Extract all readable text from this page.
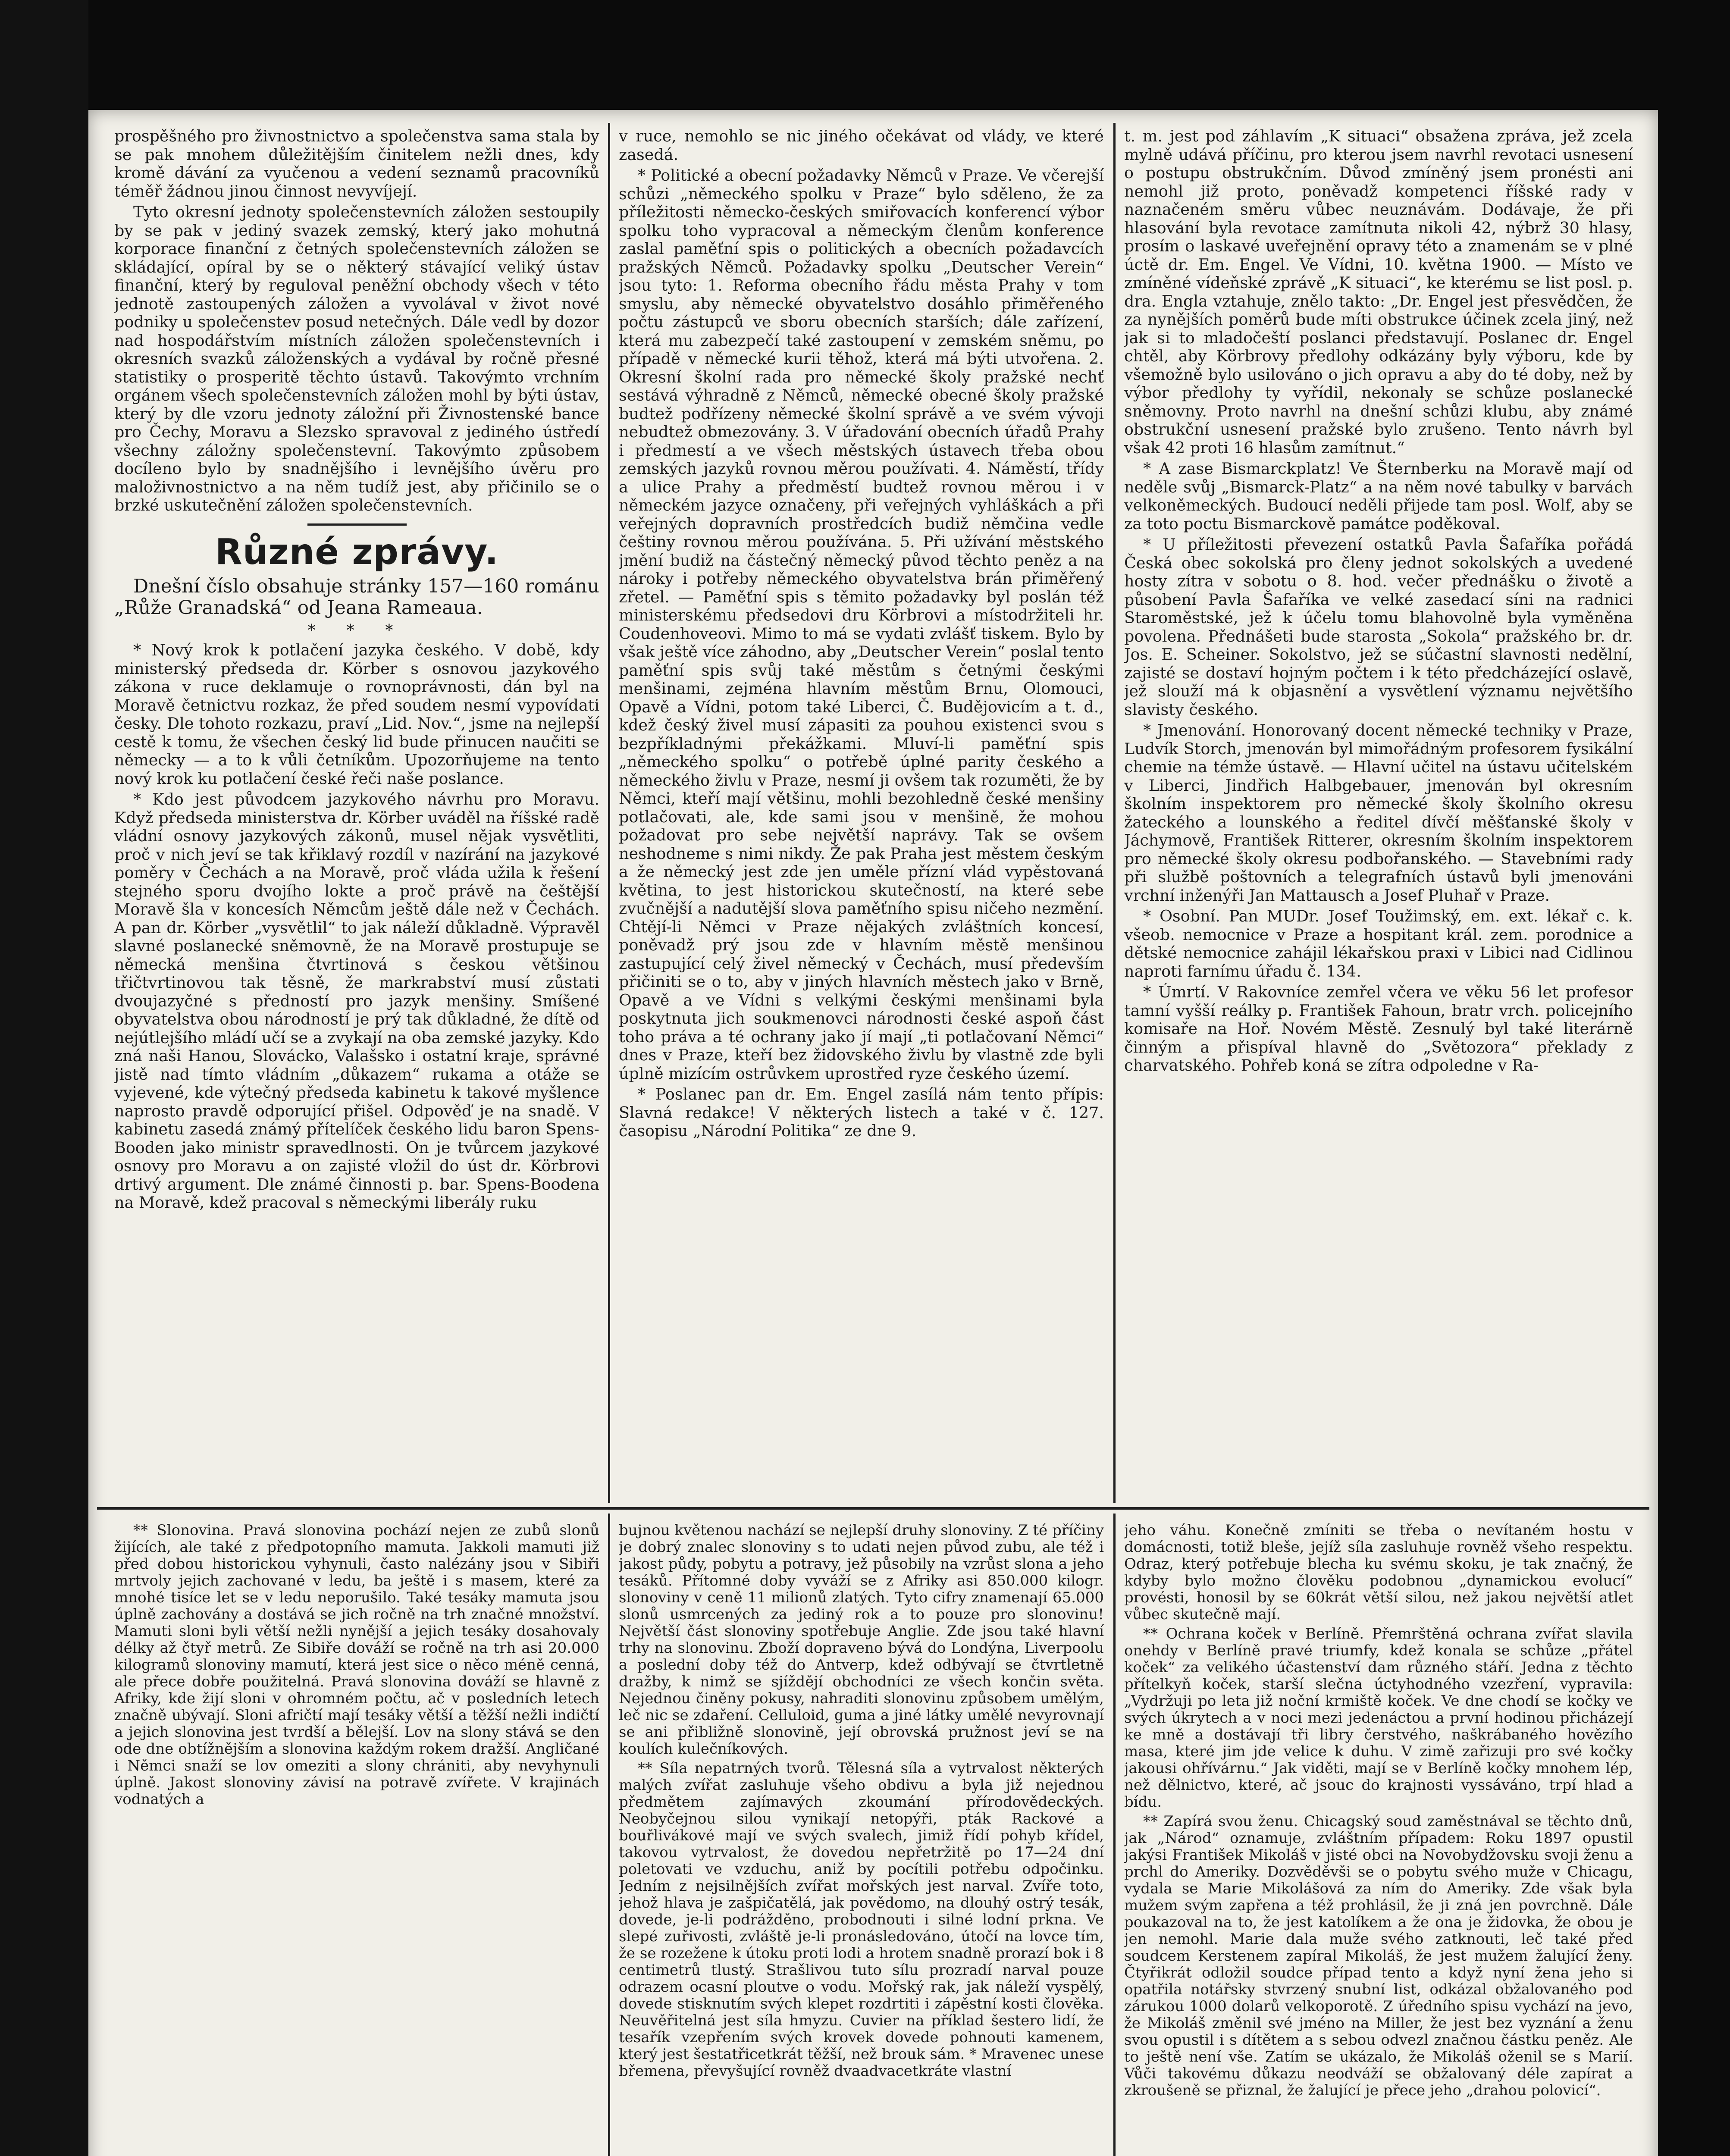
prospěšného pro živnostnictvo a společenstva sama stala by se pak mnohem důležitějším činitelem nežli dnes, kdy kromě dávání za vyučenou a vedení seznamů pracovníků téměř žádnou jinou činnost nevyvíjejí.

Tyto okresní jednoty společenstevních záložen sestoupily by se pak v jediný svazek zemský, který jako mohutná korporace finanční z četných společenstevních záložen se skládající, opíral by se o některý stávající veliký ústav finanční, který by reguloval peněžní obchody všech v této jednotě zastoupených záložen a vyvolával v život nové podniky u společenstev posud netečných. Dále vedl by dozor nad hospodářstvím místních záložen společenstevních i okresních svazků záloženských a vydával by ročně přesné statistiky o prosperitě těchto ústavů. Takovýmto vrchním orgánem všech společenstevních záložen mohl by býti ústav, který by dle vzoru jednoty záložní při Živnostenské bance pro Čechy, Moravu a Slezsko spravoval z jediného ústředí všechny záložny společenstevní. Takovýmto způsobem docíleno bylo by snadnějšího i levnějšího úvěru pro maloživnostnictvo a na něm tudíž jest, aby přičinilo se o brzké uskutečnění záložen společenstevních.

Různé zprávy.

Dnešní číslo obsahuje stránky 157—160 románu „Růže Granadská“ od Jeana Rameaua.

* * *

* Nový krok k potlačení jazyka českého. V době, kdy ministerský předseda dr. Körber s osnovou jazykového zákona v ruce deklamuje o rovnoprávnosti, dán byl na Moravě četnictvu rozkaz, že před soudem nesmí vypovídati česky. Dle tohoto rozkazu, praví „Lid. Nov.“, jsme na nejlepší cestě k tomu, že všechen český lid bude přinucen naučiti se německy — a to k vůli četníkům. Upozorňujeme na tento nový krok ku potlačení české řeči naše poslance.

* Kdo jest původcem jazykového návrhu pro Moravu. Když předseda ministerstva dr. Körber uváděl na říšské radě vládní osnovy jazykových zákonů, musel nějak vysvětliti, proč v nich jeví se tak křiklavý rozdíl v nazírání na jazykové poměry v Čechách a na Moravě, proč vláda užila k řešení stejného sporu dvojího lokte a proč právě na češtější Moravě šla v koncesích Němcům ještě dále než v Čechách. A pan dr. Körber „vysvětlil“ to jak náleží důkladně. Výpravěl slavné poslanecké sněmovně, že na Moravě prostupuje se německá menšina čtvrtinová s českou většinou třičtvrtinovou tak těsně, že markrabství musí zůstati dvoujazyčné s předností pro jazyk menšiny. Smíšené obyvatelstva obou národností je prý tak důkladné, že dítě od nejútlejšího mládí učí se a zvykají na oba zemské jazyky. Kdo zná naši Hanou, Slovácko, Valašsko i ostatní kraje, správné jistě nad tímto vládním „důkazem“ rukama a otáže se vyjevené, kde výtečný předseda kabinetu k takové myšlence naprosto pravdě odporující přišel. Odpověď je na snadě. V kabinetu zasedá známý přítelíček českého lidu baron Spens-Booden jako ministr spravedlnosti. On je tvůrcem jazykové osnovy pro Moravu a on zajisté vložil do úst dr. Körbrovi drtivý argument. Dle známé činnosti p. bar. Spens-Boodena na Moravě, kdež pracoval s německými liberály ruku

v ruce, nemohlo se nic jiného očekávat od vlády, ve které zasedá.

* Politické a obecní požadavky Němců v Praze. Ve včerejší schůzi „německého spolku v Praze“ bylo sděleno, že za příležitosti německo-českých smiřovacích konferencí výbor spolku toho vypracoval a německým členům konference zaslal paměťní spis o politických a obecních požadavcích pražských Němců. Požadavky spolku „Deutscher Verein“ jsou tyto: 1. Reforma obecního řádu města Prahy v tom smyslu, aby německé obyvatelstvo dosáhlo přiměřeného počtu zástupců ve sboru obecních starších; dále zařízení, která mu zabezpečí také zastoupení v zemském sněmu, po případě v německé kurii těhož, která má býti utvořena. 2. Okresní školní rada pro německé školy pražské nechť sestává výhradně z Němců, německé obecné školy pražské budtež podřízeny německé školní správě a ve svém vývoji nebudtež obmezovány. 3. V úřadování obecních úřadů Prahy i předmestí a ve všech městských ústavech třeba obou zemských jazyků rovnou měrou používati. 4. Náměstí, třídy a ulice Prahy a předměstí budtež rovnou měrou i v německém jazyce označeny, při veřejných vyhláškách a při veřejných dopravních prostředcích budiž němčina vedle češtiny rovnou měrou používána. 5. Při užívání městského jmění budiž na částečný německý původ těchto peněz a na nároky i potřeby německého obyvatelstva brán přiměřený zřetel. — Paměťní spis s těmito požadavky byl poslán též ministerskému předsedovi dru Körbrovi a místodržiteli hr. Coudenhoveovi. Mimo to má se vydati zvlášť tiskem. Bylo by však ještě více záhodno, aby „Deutscher Verein“ poslal tento paměťní spis svůj také městům s četnými českými menšinami, zejména hlavním městům Brnu, Olomouci, Opavě a Vídni, potom také Liberci, Č. Budějovicím a t. d., kdež český živel musí zápasiti za pouhou existenci svou s bezpříkladnými překážkami. Mluví-li paměťní spis „německého spolku“ o potřebě úplné parity českého a německého živlu v Praze, nesmí ji ovšem tak rozuměti, že by Němci, kteří mají většinu, mohli bezohledně české menšiny potlačovati, ale, kde sami jsou v menšině, že mohou požadovat pro sebe největší naprávy. Tak se ovšem neshodneme s nimi nikdy. Že pak Praha jest městem českým a že německý jest zde jen uměle přízní vlád vypěstovaná květina, to jest historickou skutečností, na které sebe zvučnější a nadutější slova paměťního spisu ničeho nezmění. Chtějí-li Němci v Praze nějakých zvláštních koncesí, poněvadž prý jsou zde v hlavním městě menšinou zastupující celý živel německý v Čechách, musí především přičiniti se o to, aby v jiných hlavních městech jako v Brně, Opavě a ve Vídni s velkými českými menšinami byla poskytnuta jich soukmenovci národnosti české aspoň část toho práva a té ochrany jako jí mají „ti potlačovaní Němci“ dnes v Praze, kteří bez židovského živlu by vlastně zde byli úplně mizícím ostrůvkem uprostřed ryze českého území.

* Poslanec pan dr. Em. Engel zasílá nám tento přípis: Slavná redakce! V některých listech a také v č. 127. časopisu „Národní Politika“ ze dne 9.

t. m. jest pod záhlavím „K situaci“ obsažena zpráva, jež zcela mylně udává příčinu, pro kterou jsem navrhl revotaci usnesení o postupu obstrukčním. Důvod zmíněný jsem pronésti ani nemohl již proto, poněvadž kompetenci říšské rady v naznačeném směru vůbec neuznávám. Dodávaje, že při hlasování byla revotace zamítnuta nikoli 42, nýbrž 30 hlasy, prosím o laskavé uveřejnění opravy této a znamenám se v plné úctě dr. Em. Engel. Ve Vídni, 10. května 1900. — Místo ve zmíněné vídeňské zprávě „K situaci“, ke kterému se list posl. p. dra. Engla vztahuje, znělo takto: „Dr. Engel jest přesvědčen, že za nynějších poměrů bude míti obstrukce účinek zcela jiný, než jak si to mladočeští poslanci představují. Poslanec dr. Engel chtěl, aby Körbrovy předlohy odkázány byly výboru, kde by všemožně bylo usilováno o jich opravu a aby do té doby, než by výbor předlohy ty vyřídil, nekonaly se schůze poslanecké sněmovny. Proto navrhl na dnešní schůzi klubu, aby známé obstrukční usnesení pražské bylo zrušeno. Tento návrh byl však 42 proti 16 hlasům zamítnut.“

* A zase Bismarckplatz! Ve Šternberku na Moravě mají od neděle svůj „Bismarck-Platz“ a na něm nové tabulky v barvách velkoněmeckých. Budoucí neděli přijede tam posl. Wolf, aby se za toto poctu Bismarckově památce poděkoval.

* U příležitosti převezení ostatků Pavla Šafaříka pořádá Česká obec sokolská pro členy jednot sokolských a uvedené hosty zítra v sobotu o 8. hod. večer přednášku o životě a působení Pavla Šafaříka ve velké zasedací síni na radnici Staroměstské, jež k účelu tomu blahovolně byla vyměněna povolena. Přednášeti bude starosta „Sokola“ pražského br. dr. Jos. E. Scheiner. Sokolstvo, jež se súčastní slavnosti nedělní, zajisté se dostaví hojným počtem i k této předcházející oslavě, jež slouží má k objasnění a vysvětlení významu největšího slavisty českého.

* Jmenování. Honorovaný docent německé techniky v Praze, Ludvík Storch, jmenován byl mimořádným profesorem fysikální chemie na témže ústavě. — Hlavní učitel na ústavu učitelském v Liberci, Jindřich Halbgebauer, jmenován byl okresním školním inspektorem pro německé školy školního okresu žateckého a lounského a ředitel dívčí měšťanské školy v Jáchymově, František Ritterer, okresním školním inspektorem pro německé školy okresu podbořanského. — Stavebními rady při službě poštovních a telegrafních ústavů byli jmenováni vrchní inženýři Jan Mattausch a Josef Pluhař v Praze.

* Osobní. Pan MUDr. Josef Toužimský, em. ext. lékař c. k. všeob. nemocnice v Praze a hospitant král. zem. porodnice a dětské nemocnice zahájil lékařskou praxi v Libici nad Cidlinou naproti farnímu úřadu č. 134.

* Úmrtí. V Rakovníce zemřel včera ve věku 56 let profesor tamní vyšší reálky p. František Fahoun, bratr vrch. policejního komisaře na Hoř. Novém Městě. Zesnulý byl také literárně činným a přispíval hlavně do „Světozora“ překlady z charvatského. Pohřeb koná se zítra odpoledne v Ra-

** Slonovina. Pravá slonovina pochází nejen ze zubů slonů žijících, ale také z předpotopního mamuta. Jakkoli mamuti již před dobou historickou vyhynuli, často nalézány jsou v Sibiři mrtvoly jejich zachované v ledu, ba ještě i s masem, které za mnohé tisíce let se v ledu neporušilo. Také tesáky mamuta jsou úplně zachovány a dostává se jich ročně na trh značné množství. Mamuti sloni byli větší nežli nynější a jejich tesáky dosahovaly délky až čtyř metrů. Ze Sibiře dováží se ročně na trh asi 20.000 kilogramů slonoviny mamutí, která jest sice o něco méně cenná, ale přece dobře použitelná. Pravá slonovina dováží se hlavně z Afriky, kde žijí sloni v ohromném počtu, ač v posledních letech značně ubývají. Sloni afričtí mají tesáky větší a těžší nežli indičtí a jejich slonovina jest tvrdší a bělejší. Lov na slony stává se den ode dne obtížnějším a slonovina každým rokem dražší. Angličané i Němci snaží se lov omeziti a slony chrániti, aby nevyhynuli úplně. Jakost slonoviny závisí na potravě zvířete. V krajinách vodnatých a

bujnou květenou nachází se nejlepší druhy slonoviny. Z té příčiny je dobrý znalec slonoviny s to udati nejen původ zubu, ale též i jakost půdy, pobytu a potravy, jež působily na vzrůst slona a jeho tesáků. Přítomné doby vyváží se z Afriky asi 850.000 kilogr. slonoviny v ceně 11 milionů zlatých. Tyto cifry znamenají 65.000 slonů usmrcených za jediný rok a to pouze pro slonovinu! Největší část slonoviny spotřebuje Anglie. Zde jsou také hlavní trhy na slonovinu. Zboží dopraveno bývá do Londýna, Liverpoolu a poslední doby též do Antverp, kdež odbývají se čtvrtletně dražby, k nimž se sjíždějí obchodníci ze všech končin světa. Nejednou činěny pokusy, nahraditi slonovinu způsobem umělým, leč nic se zdaření. Celluloid, guma a jiné látky umělé nevyrovnají se ani přibližně slonovině, její obrovská pružnost jeví se na koulích kulečníkových.

** Síla nepatrných tvorů. Tělesná síla a vytrvalost některých malých zvířat zasluhuje všeho obdivu a byla již nejednou předmětem zajímavých zkoumání přírodovědeckých. Neobyčejnou silou vynikají netopýři, pták Rackové a bouřlivákové mají ve svých svalech, jimiž řídí pohyb křídel, takovou vytrvalost, že dovedou nepřetržitě po 17—24 dní poletovati ve vzduchu, aniž by pocítili potřebu odpočinku. Jedním z nejsilnějších zvířat mořských jest narval. Zvíře toto, jehož hlava je zašpičatělá, jak povědomo, na dlouhý ostrý tesák, dovede, je-li podrážděno, probodnouti i silné lodní prkna. Ve slepé zuřivosti, zvláště je-li pronásledováno, útočí na lovce tím, že se rozežene k útoku proti lodi a hrotem snadně prorazí bok i 8 centimetrů tlustý. Strašlivou tuto sílu prozradí narval pouze odrazem ocasní ploutve o vodu. Mořský rak, jak náleží vyspělý, dovede stisknutím svých klepet rozdrtiti i zápěstní kosti člověka. Neuvěřitelná jest síla hmyzu. Cuvier na příklad šestero lidí, že tesařík vzepřením svých krovek dovede pohnouti kamenem, který jest šestatřicetkrát těžší, než brouk sám. * Mravenec unese břemena, převyšující rovněž dvaadvacetkráte vlastní

jeho váhu. Konečně zmíniti se třeba o nevítaném hostu v domácnosti, totiž bleše, jejíž síla zasluhuje rovněž všeho respektu. Odraz, který potřebuje blecha ku svému skoku, je tak značný, že kdyby bylo možno člověku podobnou „dynamickou evolucí“ provésti, honosil by se 60krát větší silou, než jakou největší atlet vůbec skutečně mají.

** Ochrana koček v Berlíně. Přemrštěná ochrana zvířat slavila onehdy v Berlíně pravé triumfy, kdež konala se schůze „přátel koček“ za velikého účastenství dam různého stáří. Jedna z těchto přítelkyň koček, starší slečna úctyhodného vzezření, vypravila: „Vydržuji po leta již noční krmiště koček. Ve dne chodí se kočky ve svých úkrytech a v noci mezi jedenáctou a první hodinou přicházejí ke mně a dostávají tři libry čerstvého, naškrábaného hovězího masa, které jim jde velice k duhu. V zimě zařizuji pro své kočky jakousi ohřívárnu.“ Jak viděti, mají se v Berlíně kočky mnohem lép, než dělnictvo, které, ač jsouc do krajnosti vyssáváno, trpí hlad a bídu.

** Zapírá svou ženu. Chicagský soud zaměstnával se těchto dnů, jak „Národ“ oznamuje, zvláštním případem: Roku 1897 opustil jakýsi František Mikoláš v jisté obci na Novobydžovsku svoji ženu a prchl do Ameriky. Dozvěděvši se o pobytu svého muže v Chicagu, vydala se Marie Mikolášová za ním do Ameriky. Zde však byla mužem svým zapřena a též prohlásil, že ji zná jen povrchně. Dále poukazoval na to, že jest katolíkem a že ona je židovka, že obou je jen nemohl. Marie dala muže svého zatknouti, leč také před soudcem Kerstenem zapíral Mikoláš, že jest mužem žalující ženy. Čtyřikrát odložil soudce případ tento a když nyní žena jeho si opatřila notářsky stvrzený snubní list, odkázal obžalovaného pod zárukou 1000 dolarů velkoporotě. Z úředního spisu vychází na jevo, že Mikoláš změnil své jméno na Miller, že jest bez vyznání a ženu svou opustil i s dítětem a s sebou odvezl značnou částku peněz. Ale to ještě není vše. Zatím se ukázalo, že Mikoláš oženil se s Marií. Vůči takovému důkazu neodváží se obžalovaný déle zapírat a zkroušeně se přiznal, že žalující je přece jeho „drahou polovicí“.
